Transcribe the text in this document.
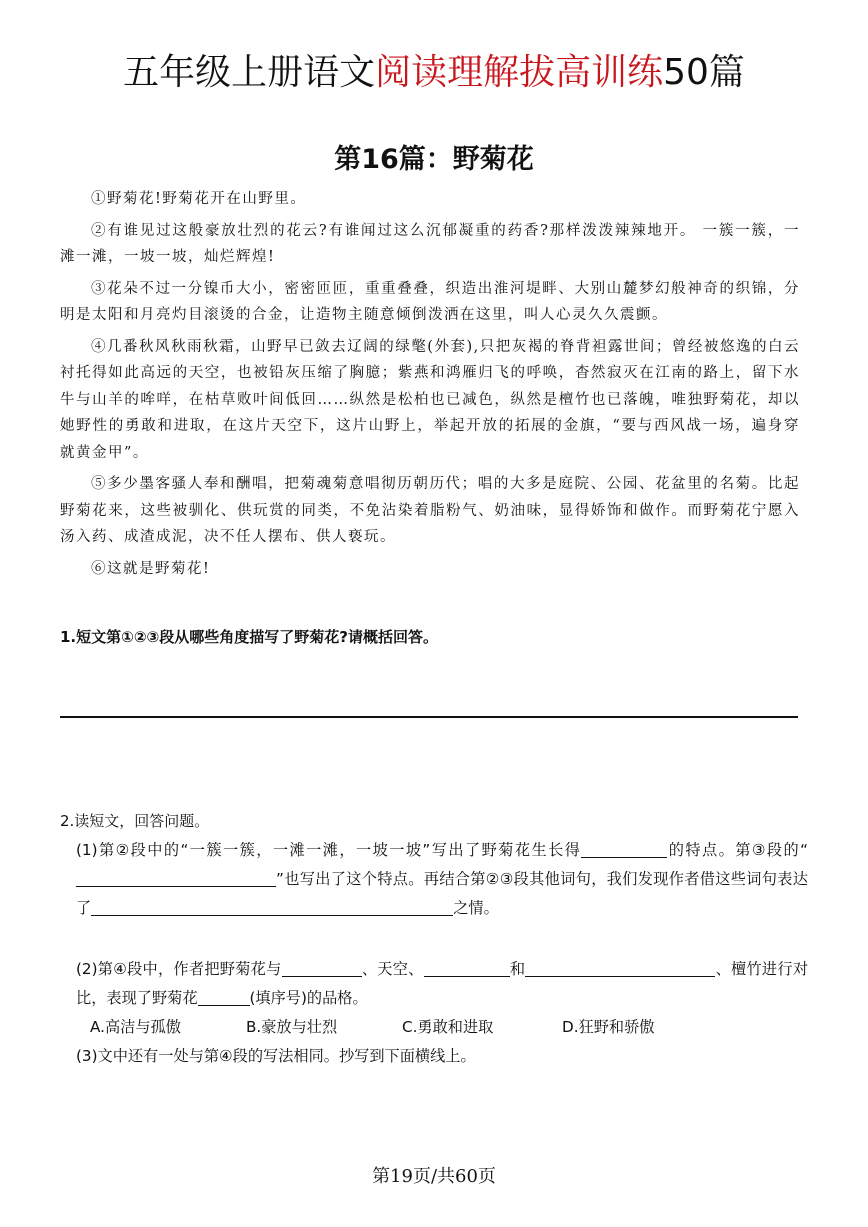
五年级上册语文阅读理解拔高训练50篇
第16篇：野菊花

①野菊花!野菊花开在山野里。

②有谁见过这般豪放壮烈的花云?有谁闻过这么沉郁凝重的药香?那样泼泼辣辣地开。 一簇一簇，一滩一滩，一坡一坡，灿烂辉煌!

③花朵不过一分镍币大小，密密匝匝，重重叠叠，织造出淮河堤畔、大别山麓梦幻般神奇的织锦，分明是太阳和月亮灼目滚烫的合金，让造物主随意倾倒泼洒在这里，叫人心灵久久震颤。

④几番秋风秋雨秋霜，山野早已敛去辽阔的绿氅(外套),只把灰褐的脊背袒露世间；曾经被悠逸的白云衬托得如此高远的天空，也被铅灰压缩了胸臆；紫燕和鸿雁归飞的呼唤，杳然寂灭在江南的路上，留下水牛与山羊的哞咩，在枯草败叶间低回……纵然是松柏也已减色，纵然是檀竹也已落魄，唯独野菊花，却以她野性的勇敢和进取，在这片天空下，这片山野上，举起开放的拓展的金旗，“要与西风战一场，遍身穿就黄金甲”。

⑤多少墨客骚人奉和酬唱，把菊魂菊意唱彻历朝历代；唱的大多是庭院、公园、花盆里的名菊。比起野菊花来，这些被驯化、供玩赏的同类，不免沾染着脂粉气、奶油味，显得娇饰和做作。而野菊花宁愿入汤入药、成渣成泥，决不任人摆布、供人亵玩。

⑥这就是野菊花!

1.短文第①②③段从哪些角度描写了野菊花?请概括回答。
2.读短文，回答问题。
(1)第②段中的“一簇一簇，一滩一滩，一坡一坡”写出了野菊花生长得	的特点。第③段的“”也写出了这个特点。再结合第②③段其他词句，我们发现作者借这些词句表达了	之情。
(2)第④段中，作者把野菊花与	、天空、	和	、檀竹进行对比，表现了野菊花	(填序号)的品格。
A.高洁与孤傲	B.豪放与壮烈	C.勇敢和进取	D.狂野和骄傲
(3)文中还有一处与第④段的写法相同。抄写到下面横线上。
第19页/共60页
